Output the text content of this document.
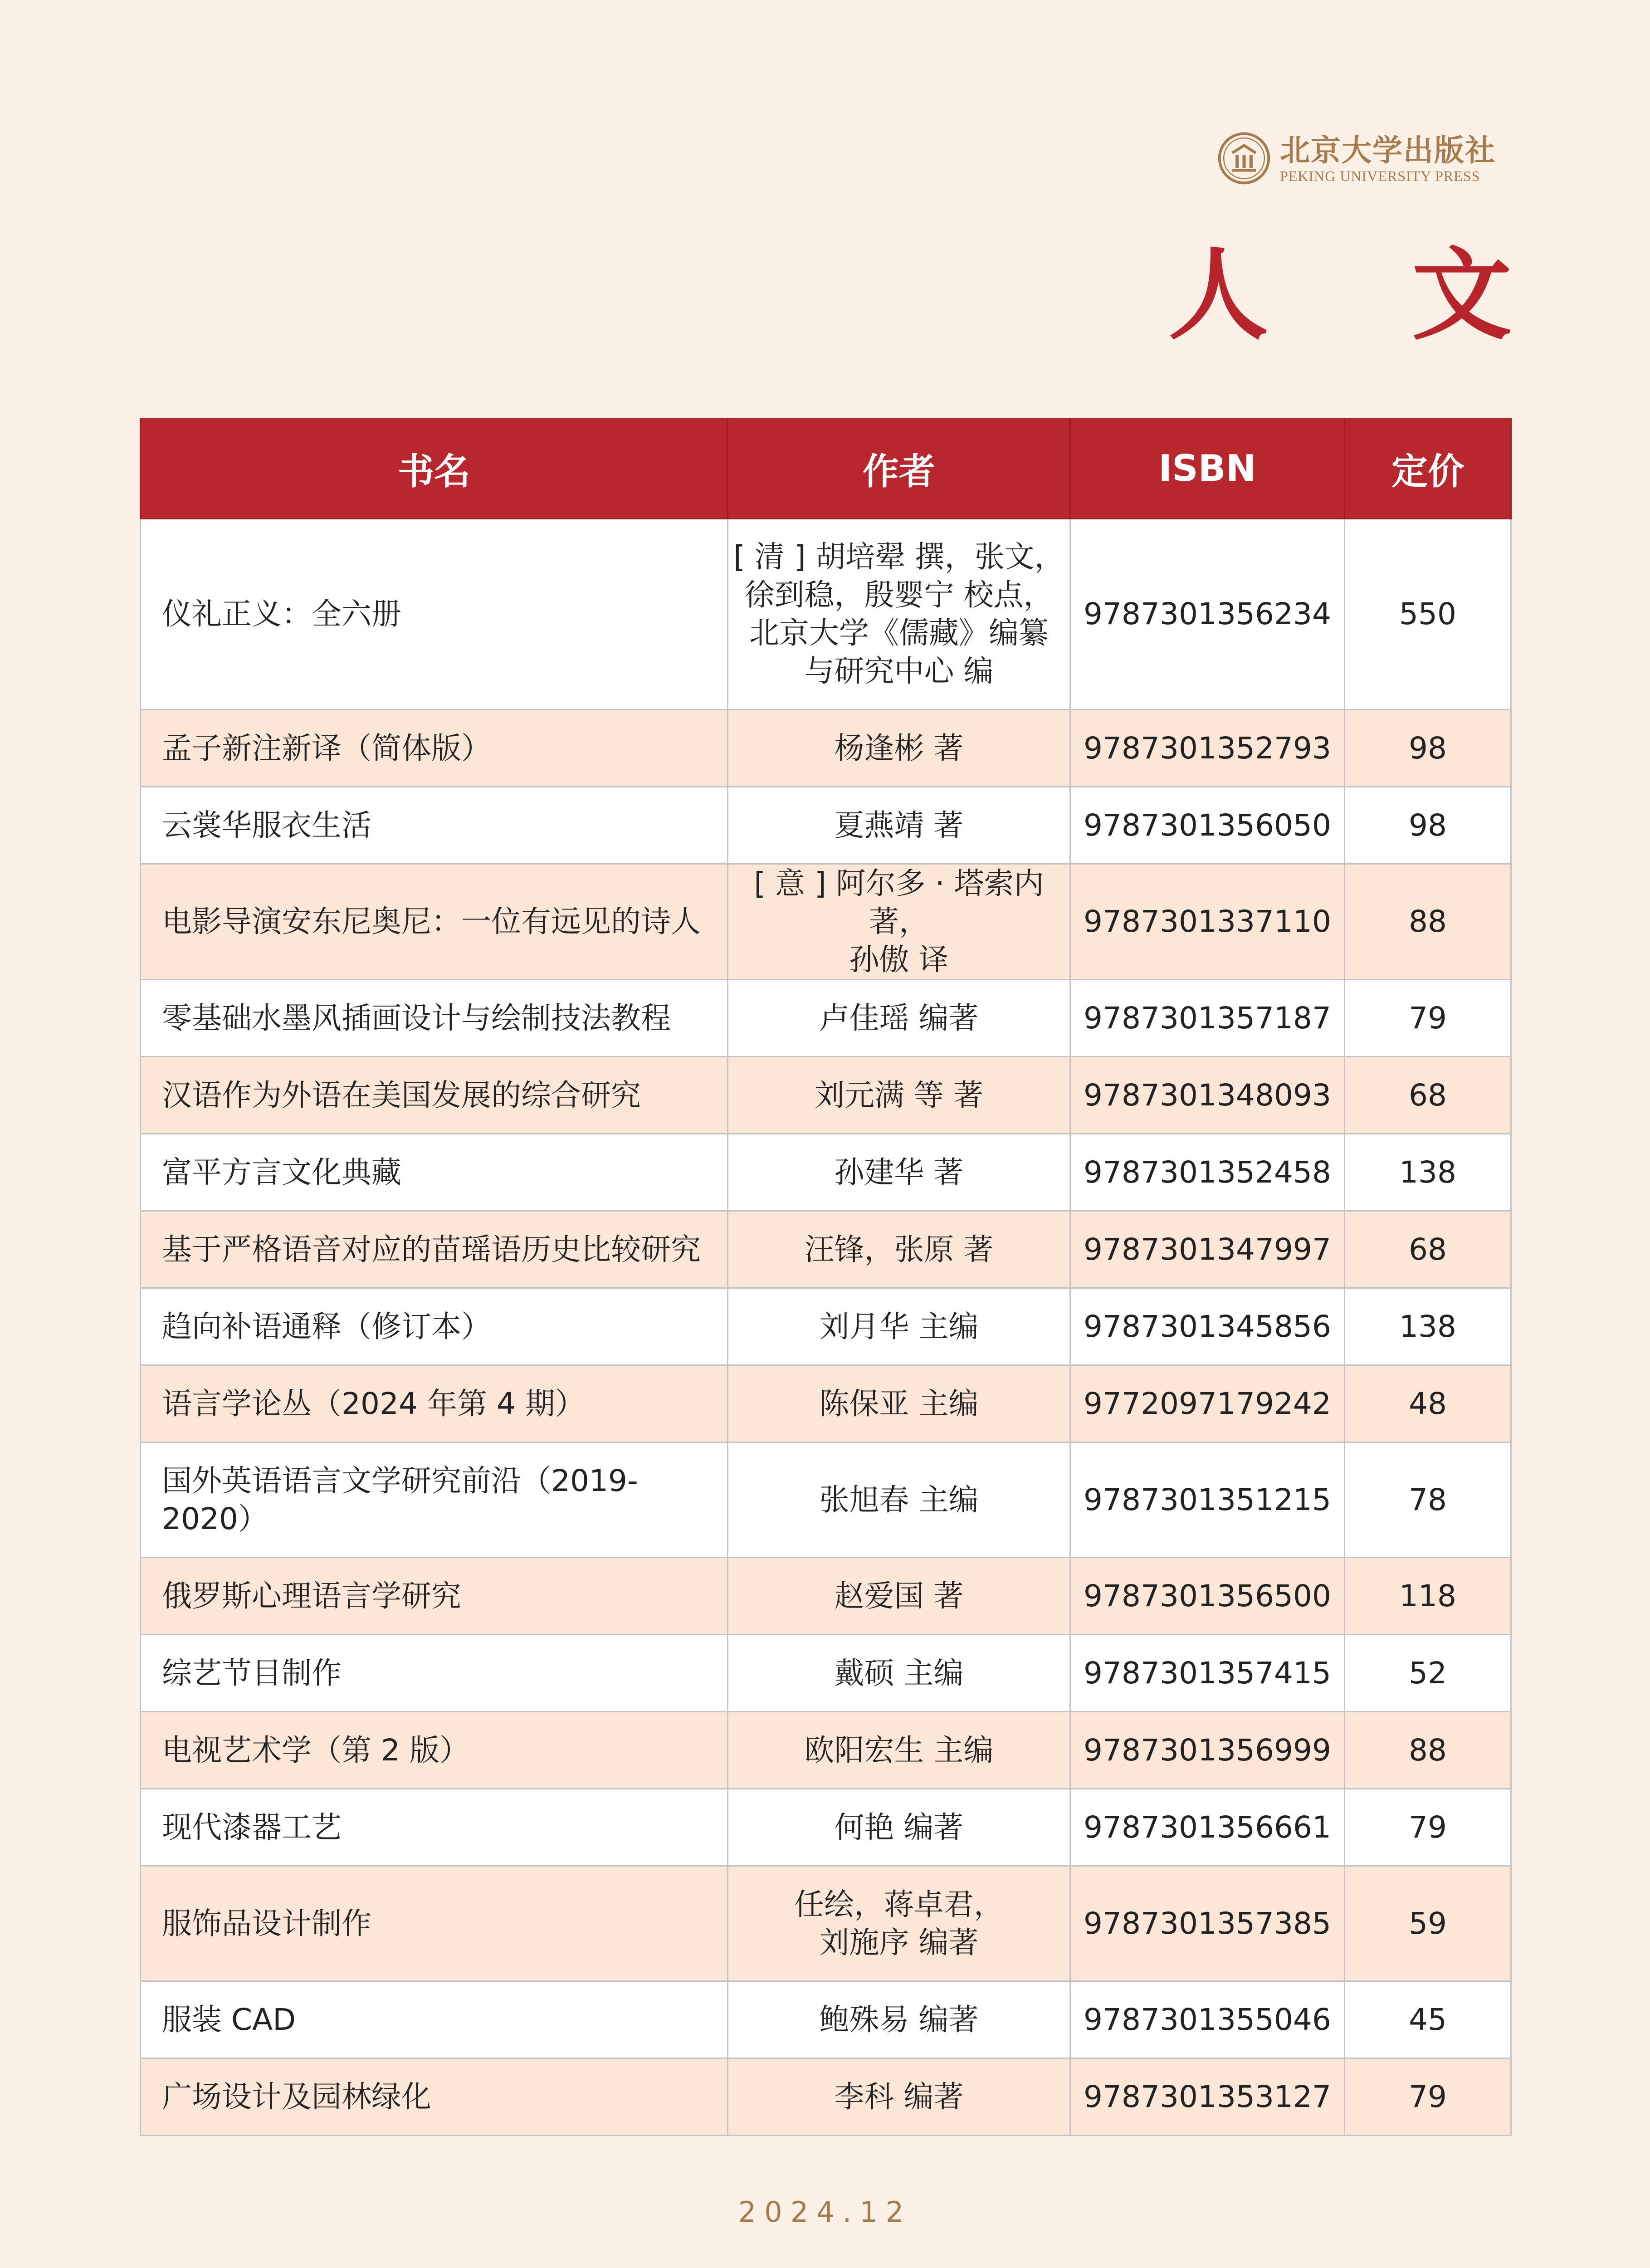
北京大学出版社
PEKING UNIVERSITY PRESS
人 文
书名	作者	ISBN	定价
仪礼正义：全六册	[ 清 ] 胡培翚 撰，张文，
徐到稳，殷婴宁 校点，
北京大学《儒藏》编纂
与研究中心 编	9787301356234	550
孟子新注新译（简体版）	杨逢彬 著	9787301352793	98
云裳华服衣生活	夏燕靖 著	9787301356050	98
电影导演安东尼奥尼：一位有远见的诗人	[ 意 ] 阿尔多 · 塔索内 著，
孙傲 译	9787301337110	88
零基础水墨风插画设计与绘制技法教程	卢佳瑶 编著	9787301357187	79
汉语作为外语在美国发展的综合研究	刘元满 等 著	9787301348093	68
富平方言文化典藏	孙建华 著	9787301352458	138
基于严格语音对应的苗瑶语历史比较研究	汪锋，张原 著	9787301347997	68
趋向补语通释（修订本）	刘月华 主编	9787301345856	138
语言学论丛（2024 年第 4 期）	陈保亚 主编	9772097179242	48
国外英语语言文学研究前沿（2019-
2020）	张旭春 主编	9787301351215	78
俄罗斯心理语言学研究	赵爱国 著	9787301356500	118
综艺节目制作	戴硕 主编	9787301357415	52
电视艺术学（第 2 版）	欧阳宏生 主编	9787301356999	88
现代漆器工艺	何艳 编著	9787301356661	79
服饰品设计制作	任绘，蒋卓君，
刘施序 编著	9787301357385	59
服装 CAD	鲍殊易 编著	9787301355046	45
广场设计及园林绿化	李科 编著	9787301353127	79
2024.12
